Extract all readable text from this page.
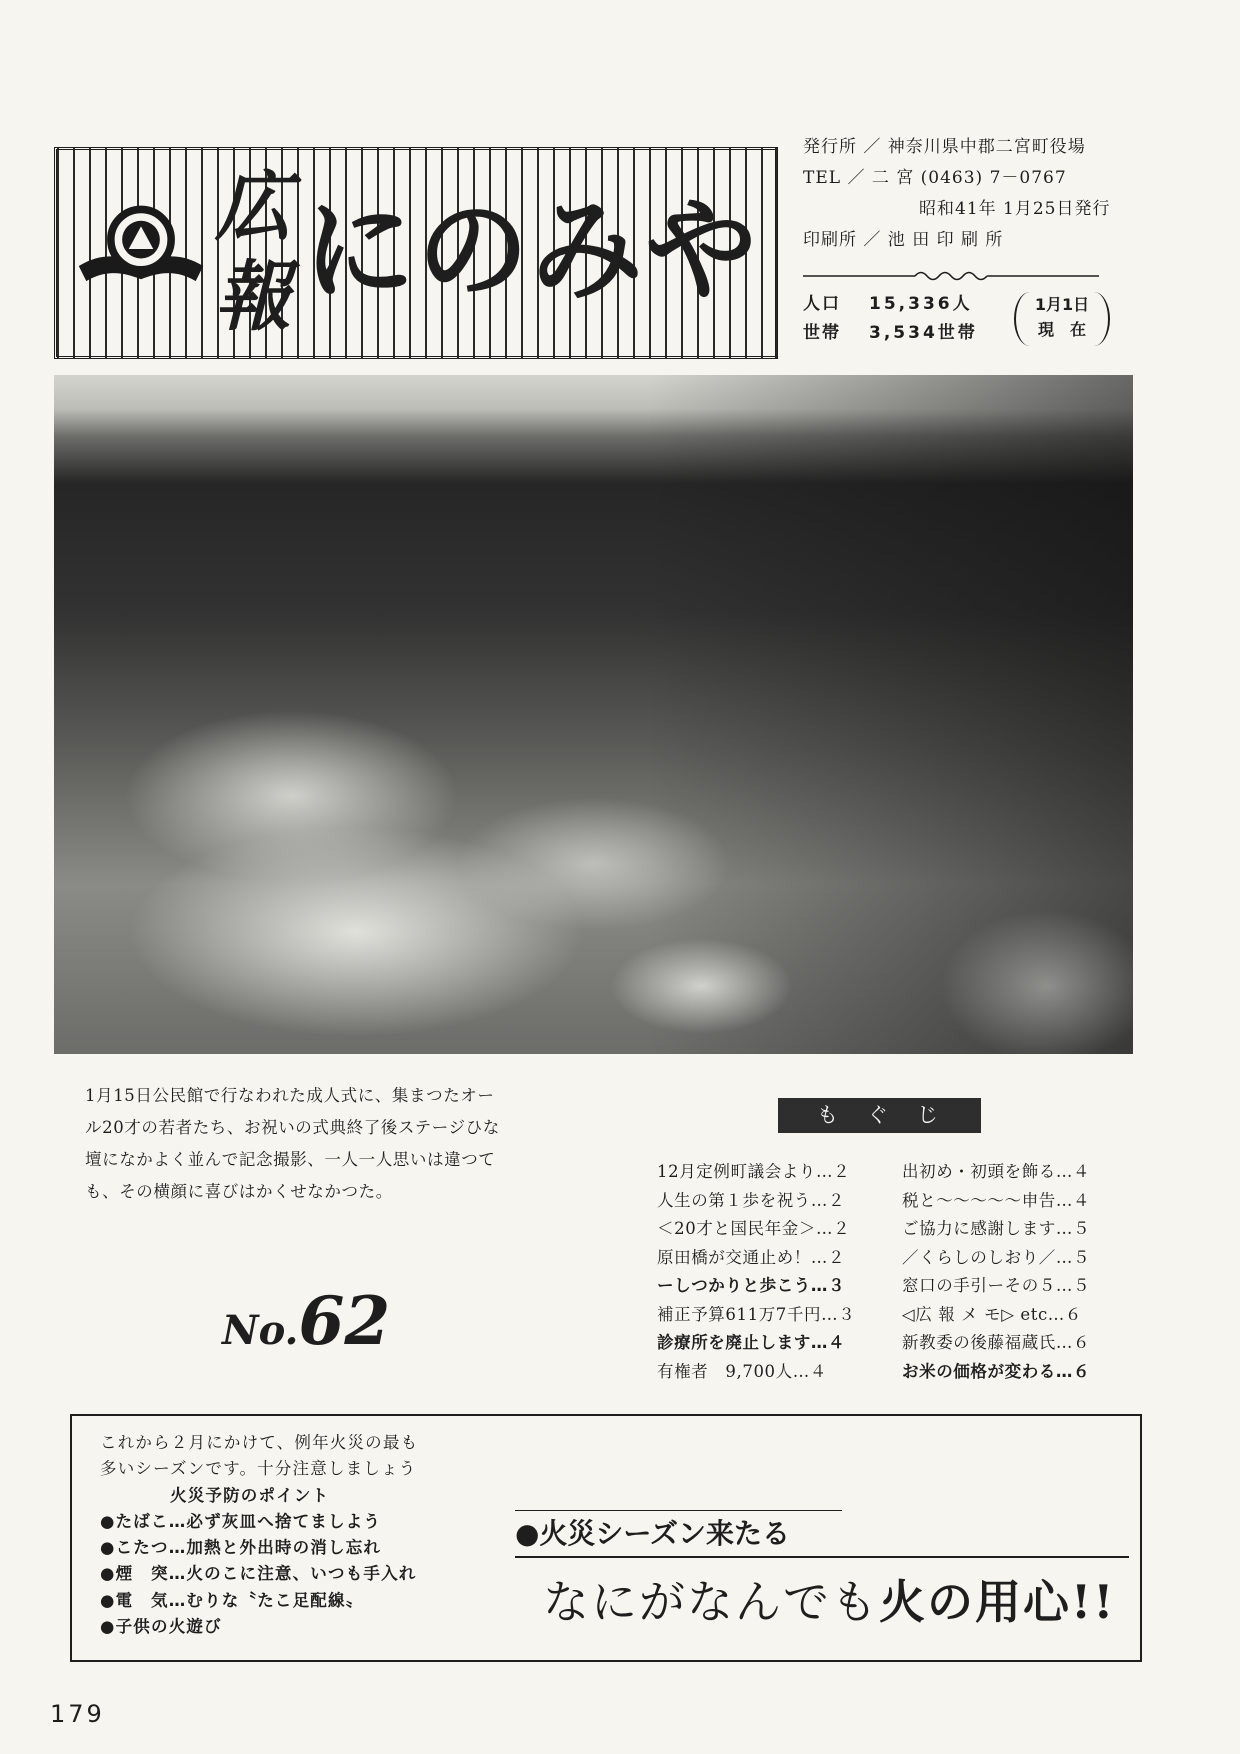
広
報 にのみや
発行所 ／ 神奈川県中郡二宮町役場
TEL ／ 二 宮 (0463) 7－0767
昭和41年 1月25日発行
印刷所 ／ 池 田 印 刷 所
人口 15,336人
世帯 3,534世帯
1月1日
現　在
1月15日公民館で行なわれた成人式に、集まつたオー
ル20才の若者たち、お祝いの式典終了後ステージひな
壇になかよく並んで記念撮影、一人一人思いは違つて
も、その横顔に喜びはかくせなかつた。
も　ぐ　じ
12月定例町議会より…２
人生の第１歩を祝う…２
＜20才と国民年金＞…２
原田橋が交通止め！…２
ーしつかりと歩こう…３
補正予算611万7千円…３
診療所を廃止します…４
有権者　9,700人…４
出初め・初頭を飾る…４
税と～～～～～申告…４
ご協力に感謝します…５
／くらしのしおり／…５
窓口の手引ーその５…５
◁広 報 メ モ▷ etc…６
新教委の後藤福蔵氏…６
お米の価格が変わる…６
No.62
これから２月にかけて、例年火災の最も
多いシーズンです。十分注意しましょう
火災予防のポイント
●たばこ…必ず灰皿へ捨てましよう
●こたつ…加熱と外出時の消し忘れ
●煙　突…火のこに注意、いつも手入れ
●電　気…むりな〝たこ足配線〟
●子供の火遊び
●火災シーズン来たる
なにがなんでも火の用心!!
179
